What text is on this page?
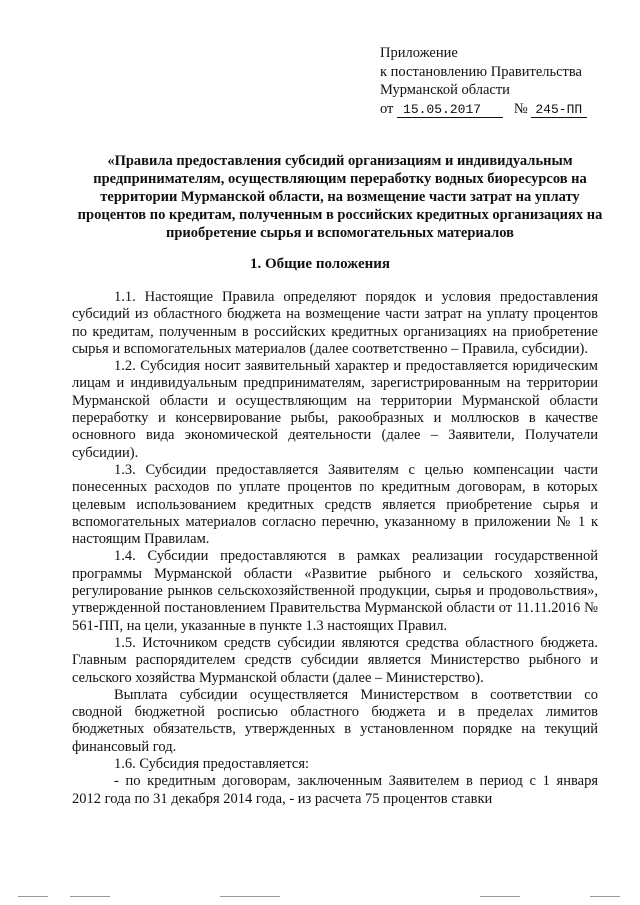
Приложение
к постановлению Правительства
Мурманской области
от 15.05.2017 № 245-ПП
«Правила предоставления субсидий организациям и индивидуальным предпринимателям, осуществляющим переработку водных биоресурсов на территории Мурманской области, на возмещение части затрат на уплату процентов по кредитам, полученным в российских кредитных организациях на приобретение сырья и вспомогательных материалов
1. Общие положения

1.1. Настоящие Правила определяют порядок и условия предоставления субсидий из областного бюджета на возмещение части затрат на уплату процентов по кредитам, полученным в российских кредитных организациях на приобретение сырья и вспомогательных материалов (далее соответственно – Правила, субсидии).

1.2. Субсидия носит заявительный характер и предоставляется юридическим лицам и индивидуальным предпринимателям, зарегистрированным на территории Мурманской области и осуществляющим на территории Мурманской области переработку и консервирование рыбы, ракообразных и моллюсков в качестве основного вида экономической деятельности (далее – Заявители, Получатели субсидии).

1.3. Субсидии предоставляется Заявителям с целью компенсации части понесенных расходов по уплате процентов по кредитным договорам, в которых целевым использованием кредитных средств является приобретение сырья и вспомогательных материалов согласно перечню, указанному в приложении № 1 к настоящим Правилам.

1.4. Субсидии предоставляются в рамках реализации государственной программы Мурманской области «Развитие рыбного и сельского хозяйства, регулирование рынков сельскохозяйственной продукции, сырья и продовольствия», утвержденной постановлением Правительства Мурманской области от 11.11.2016 № 561-ПП, на цели, указанные в пункте 1.3 настоящих Правил.

1.5. Источником средств субсидии являются средства областного бюджета. Главным распорядителем средств субсидии является Министерство рыбного и сельского хозяйства Мурманской области (далее – Министерство).

Выплата субсидии осуществляется Министерством в соответствии со сводной бюджетной росписью областного бюджета и в пределах лимитов бюджетных обязательств, утвержденных в установленном порядке на текущий финансовый год.

1.6. Субсидия предоставляется:

- по кредитным договорам, заключенным Заявителем в период с 1 января 2012 года по 31 декабря 2014 года, - из расчета 75 процентов ставки
